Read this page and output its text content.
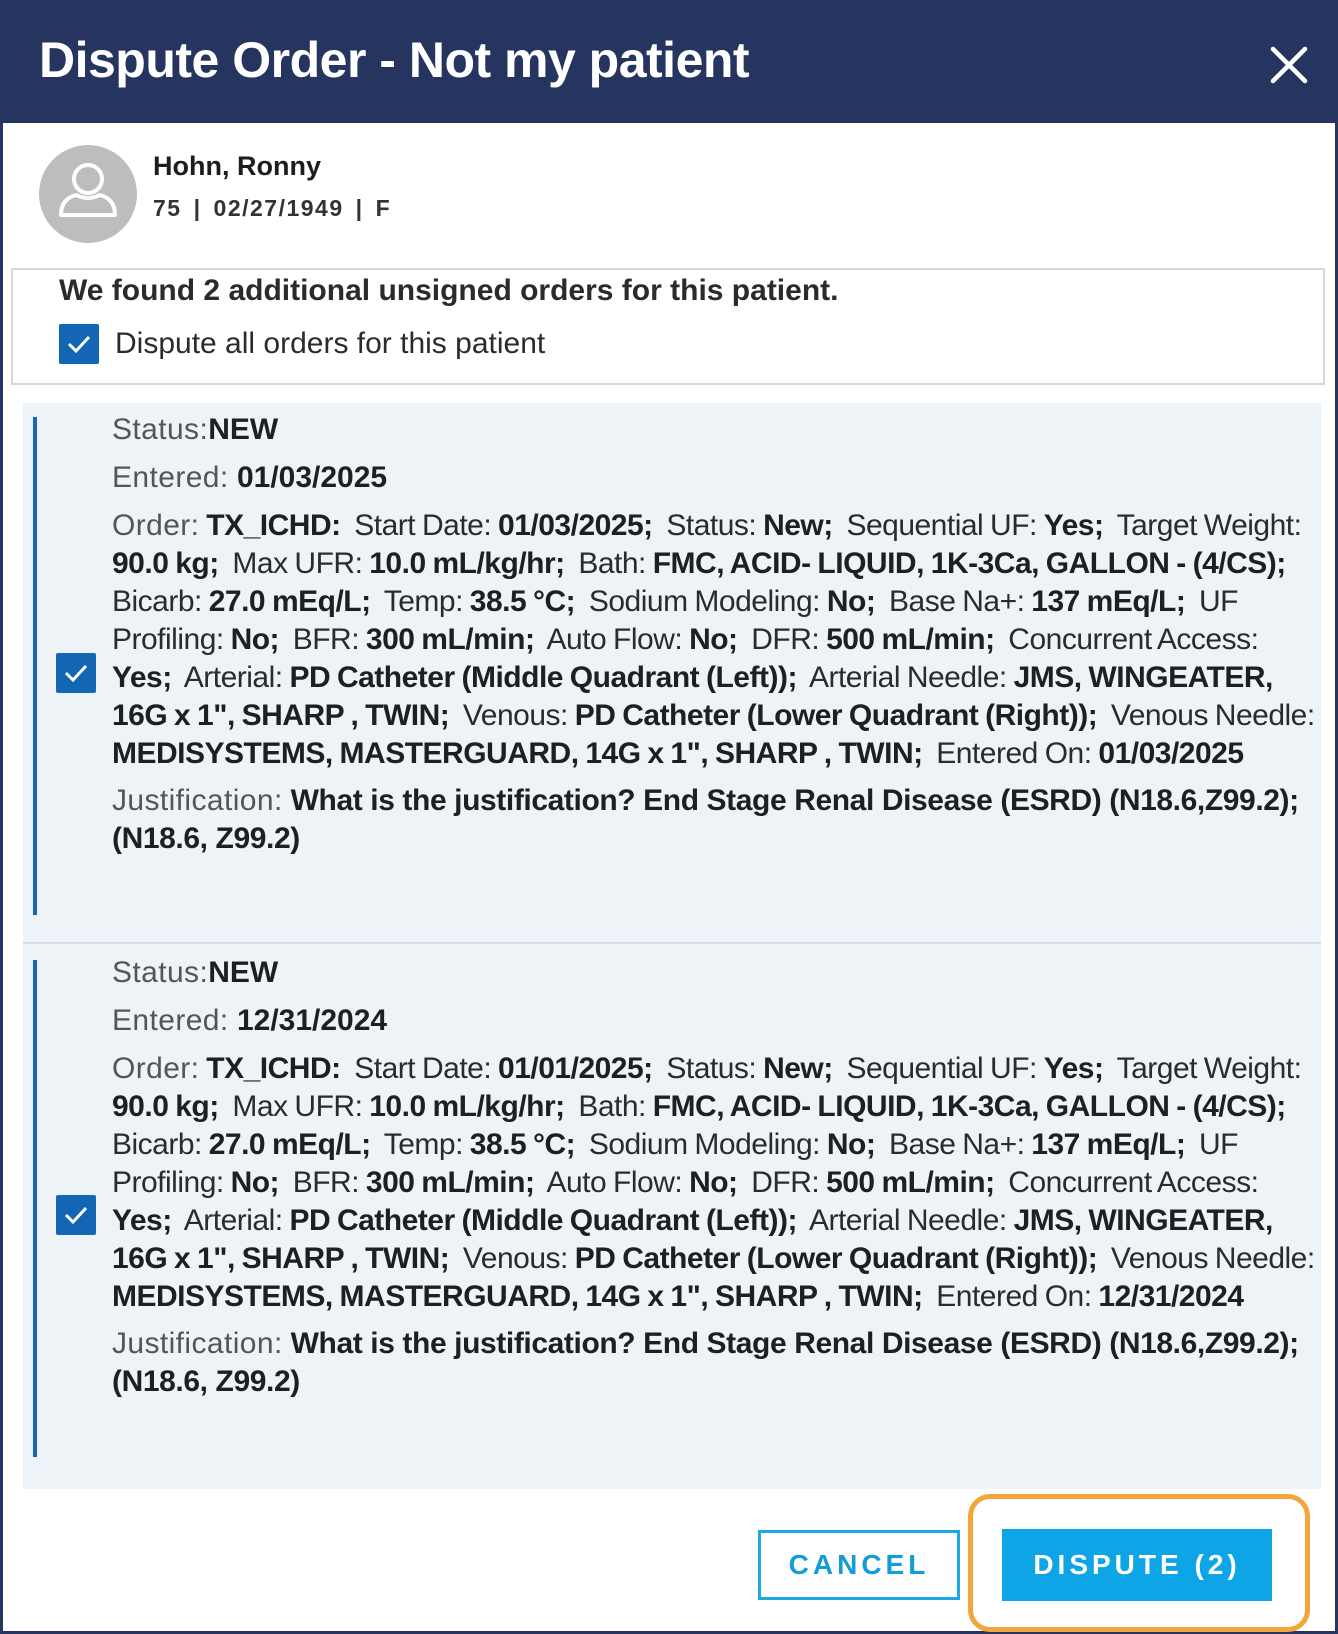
Dispute Order - Not my patient
Hohn, Ronny
75 | 02/27/1949 | F
We found 2 additional unsigned orders for this patient.
Dispute all orders for this patient
Status:NEW
Entered: 01/03/2025
Order: TX_ICHD: Start Date: 01/03/2025; Status: New; Sequential UF: Yes; Target Weight: 90.0 kg; Max UFR: 10.0 mL/kg/hr; Bath: FMC, ACID- LIQUID, 1K-3Ca, GALLON - (4/CS);  Bicarb: 27.0 mEq/L; Temp: 38.5 °C; Sodium Modeling: No; Base Na+: 137 mEq/L; UF Profiling: No; BFR: 300 mL/min; Auto Flow: No; DFR: 500 mL/min; Concurrent Access: Yes; Arterial: PD Catheter (Middle Quadrant (Left)); Arterial Needle: JMS, WINGEATER, 16G x 1", SHARP , TWIN; Venous: PD Catheter (Lower Quadrant (Right)); Venous Needle: MEDISYSTEMS, MASTERGUARD, 14G x 1", SHARP , TWIN; Entered On: 01/03/2025
Justification: What is the justification? End Stage Renal Disease (ESRD) (N18.6,Z99.2); (N18.6, Z99.2)
Status:NEW
Entered: 12/31/2024
Order: TX_ICHD: Start Date: 01/01/2025; Status: New; Sequential UF: Yes; Target Weight: 90.0 kg; Max UFR: 10.0 mL/kg/hr; Bath: FMC, ACID- LIQUID, 1K-3Ca, GALLON - (4/CS);  Bicarb: 27.0 mEq/L; Temp: 38.5 °C; Sodium Modeling: No; Base Na+: 137 mEq/L; UF Profiling: No; BFR: 300 mL/min; Auto Flow: No; DFR: 500 mL/min; Concurrent Access: Yes; Arterial: PD Catheter (Middle Quadrant (Left)); Arterial Needle: JMS, WINGEATER, 16G x 1", SHARP , TWIN; Venous: PD Catheter (Lower Quadrant (Right)); Venous Needle: MEDISYSTEMS, MASTERGUARD, 14G x 1", SHARP , TWIN; Entered On: 12/31/2024
Justification: What is the justification? End Stage Renal Disease (ESRD) (N18.6,Z99.2); (N18.6, Z99.2)
CANCEL	DISPUTE (2)
